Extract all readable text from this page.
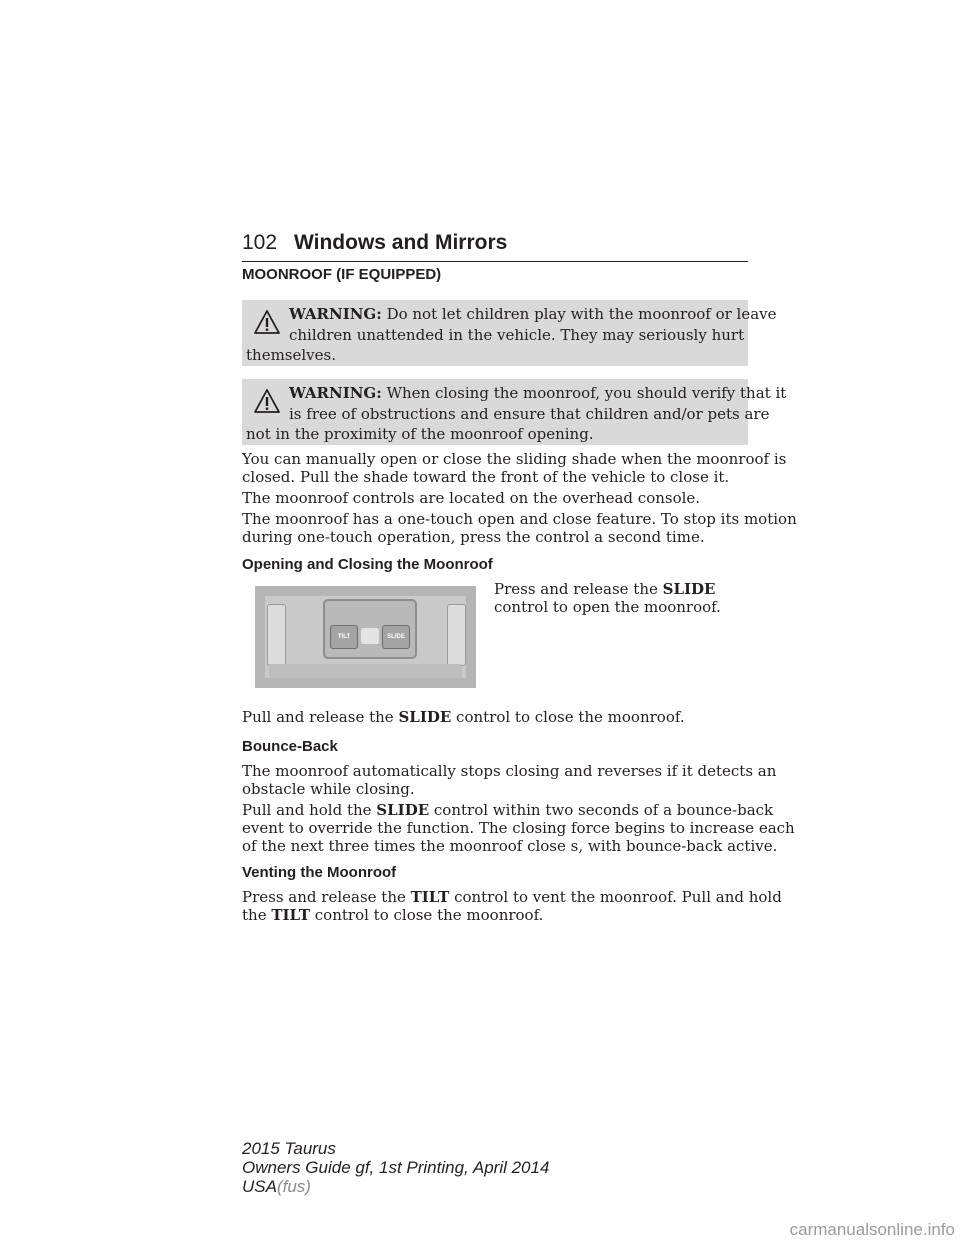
102 Windows and Mirrors
MOONROOF (IF EQUIPPED)
WARNING: Do not let children play with the moonroof or leave
children unattended in the vehicle. They may seriously hurt
themselves.
WARNING: When closing the moonroof, you should verify that it
is free of obstructions and ensure that children and/or pets are
not in the proximity of the moonroof opening.
You can manually open or close the sliding shade when the moonroof is
closed. Pull the shade toward the front of the vehicle to close it.
The moonroof controls are located on the overhead console.
The moonroof has a one-touch open and close feature. To stop its motion
during one-touch operation, press the control a second time.
Opening and Closing the Moonroof
TILT	SLIDE
Press and release the SLIDE
control to open the moonroof.
Pull and release the SLIDE control to close the moonroof.
Bounce-Back
The moonroof automatically stops closing and reverses if it detects an
obstacle while closing.
Pull and hold the SLIDE control within two seconds of a bounce-back
event to override the function. The closing force begins to increase each
of the next three times the moonroof close s, with bounce-back active.
Venting the Moonroof
Press and release the TILT control to vent the moonroof. Pull and hold
the TILT control to close the moonroof.
2015 Taurus
Owners Guide gf, 1st Printing, April 2014
USA(fus)
carmanualsonline.info
